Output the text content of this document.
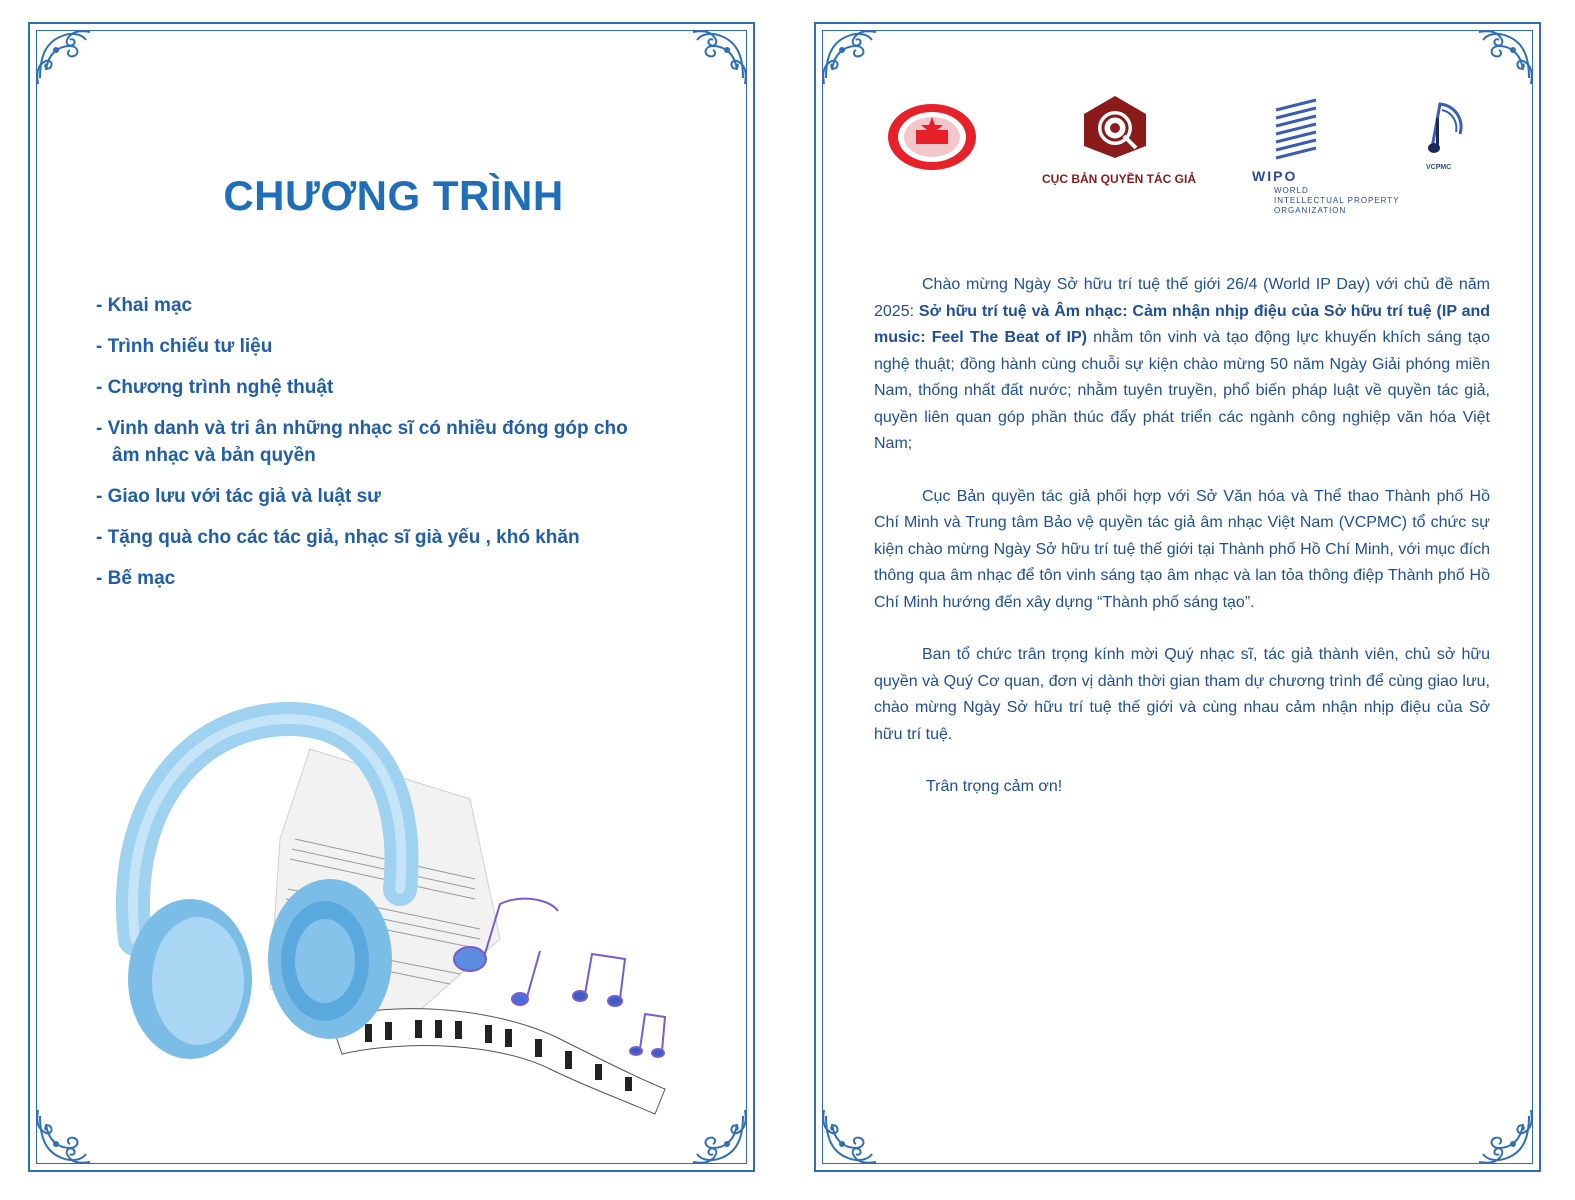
CHƯƠNG TRÌNH
- Khai mạc
- Trình chiếu tư liệu
- Chương trình nghệ thuật
- Vinh danh và tri ân những nhạc sĩ có nhiều đóng góp cho âm nhạc và bản quyền
- Giao lưu với tác giả và luật sư
- Tặng quà cho các tác giả, nhạc sĩ già yếu , khó khăn
- Bế mạc
CỤC BẢN QUYỀN TÁC GIẢ	WIPO
WORLD
INTELLECTUAL PROPERTY
ORGANIZATION
VCPMC

Chào mừng Ngày Sở hữu trí tuệ thế giới 26/4 (World IP Day) với chủ đề năm 2025: Sở hữu trí tuệ và Âm nhạc: Cảm nhận nhịp điệu của Sở hữu trí tuệ (IP and music: Feel The Beat of IP) nhằm tôn vinh và tạo động lực khuyến khích sáng tạo nghệ thuật; đồng hành cùng chuỗi sự kiện chào mừng 50 năm Ngày Giải phóng miền Nam, thống nhất đất nước; nhằm tuyên truyền, phổ biến pháp luật về quyền tác giả, quyền liên quan góp phần thúc đẩy phát triển các ngành công nghiệp văn hóa Việt Nam;

Cục Bản quyền tác giả phối hợp với Sở Văn hóa và Thể thao Thành phố Hồ Chí Minh và Trung tâm Bảo vệ quyền tác giả âm nhạc Việt Nam (VCPMC) tổ chức sự kiện chào mừng Ngày Sở hữu trí tuệ thế giới tại Thành phố Hồ Chí Minh, với mục đích thông qua âm nhạc để tôn vinh sáng tạo âm nhạc và lan tỏa thông điệp Thành phố Hồ Chí Minh hướng đến xây dựng “Thành phố sáng tạo”.

Ban tổ chức trân trọng kính mời Quý nhạc sĩ, tác giả thành viên, chủ sở hữu quyền và Quý Cơ quan, đơn vị dành thời gian tham dự chương trình để cùng giao lưu, chào mừng Ngày Sở hữu trí tuệ thế giới và cùng nhau cảm nhận nhịp điệu của Sở hữu trí tuệ.

Trân trọng cảm ơn!
